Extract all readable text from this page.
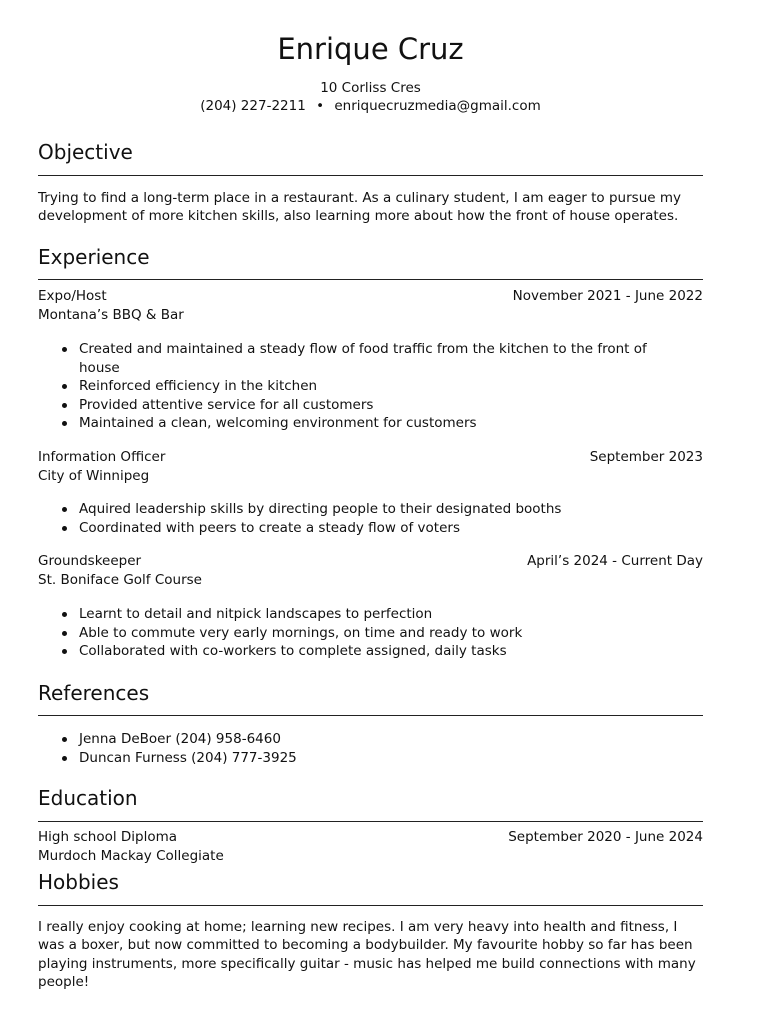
Enrique Cruz
10 Corliss Cres
(204) 227-2211 • enriquecruzmedia@gmail.com
Objective
Trying to find a long-term place in a restaurant. As a culinary student, I am eager to pursue my development of more kitchen skills, also learning more about how the front of house operates.
Experience
Expo/Host	November 2021 - June 2022
Montana’s BBQ & Bar
Created and maintained a steady flow of food traffic from the kitchen to the front of house
Reinforced efficiency in the kitchen
Provided attentive service for all customers
Maintained a clean, welcoming environment for customers
Information Officer	September 2023
City of Winnipeg
Aquired leadership skills by directing people to their designated booths
Coordinated with peers to create a steady flow of voters
Groundskeeper	April’s 2024 - Current Day
St. Boniface Golf Course
Learnt to detail and nitpick landscapes to perfection
Able to commute very early mornings, on time and ready to work
Collaborated with co-workers to complete assigned, daily tasks
References
Jenna DeBoer (204) 958-6460
Duncan Furness (204) 777-3925
Education
High school Diploma	September 2020 - June 2024
Murdoch Mackay Collegiate
Hobbies
I really enjoy cooking at home; learning new recipes. I am very heavy into health and fitness, I was a boxer, but now committed to becoming a bodybuilder. My favourite hobby so far has been playing instruments, more specifically guitar - music has helped me build connections with many people!
